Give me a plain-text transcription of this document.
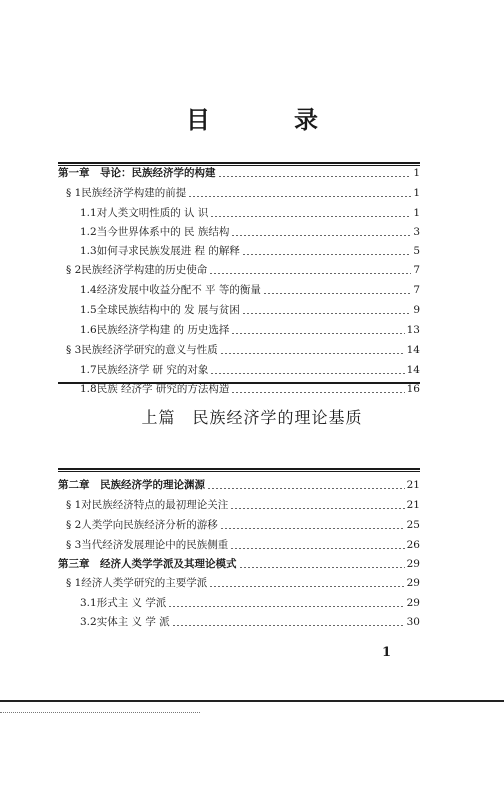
目　录
第一章　导论：民族经济学的构建	1
§ 1民族经济学构建的前提	1
1.1对人类文明性质的 认 识	1
1.2当今世界体系中的 民 族结构	3
1.3如何寻求民族发展进 程 的解释	5
§ 2民族经济学构建的历史使命	7
1.4经济发展中收益分配不 平 等的衡量	7
1.5全球民族结构中的 发 展与贫困	9
1.6民族经济学构建 的 历史选择	13
§ 3民族经济学研究的意义与性质	14
1.7民族经济学 研 究的对象	14
1.8民族 经济学 研究的方法构造	16
上篇　民族经济学的理论基质
第二章　民族经济学的理论渊源	21
§ 1对民族经济特点的最初理论关注	21
§ 2人类学向民族经济分析的游移	25
§ 3当代经济发展理论中的民族侧重	26
第三章　经济人类学学派及其理论模式	29
§ 1经济人类学研究的主要学派	29
3.1形式主 义 学派	29
3.2实体主 义 学 派	30
1
